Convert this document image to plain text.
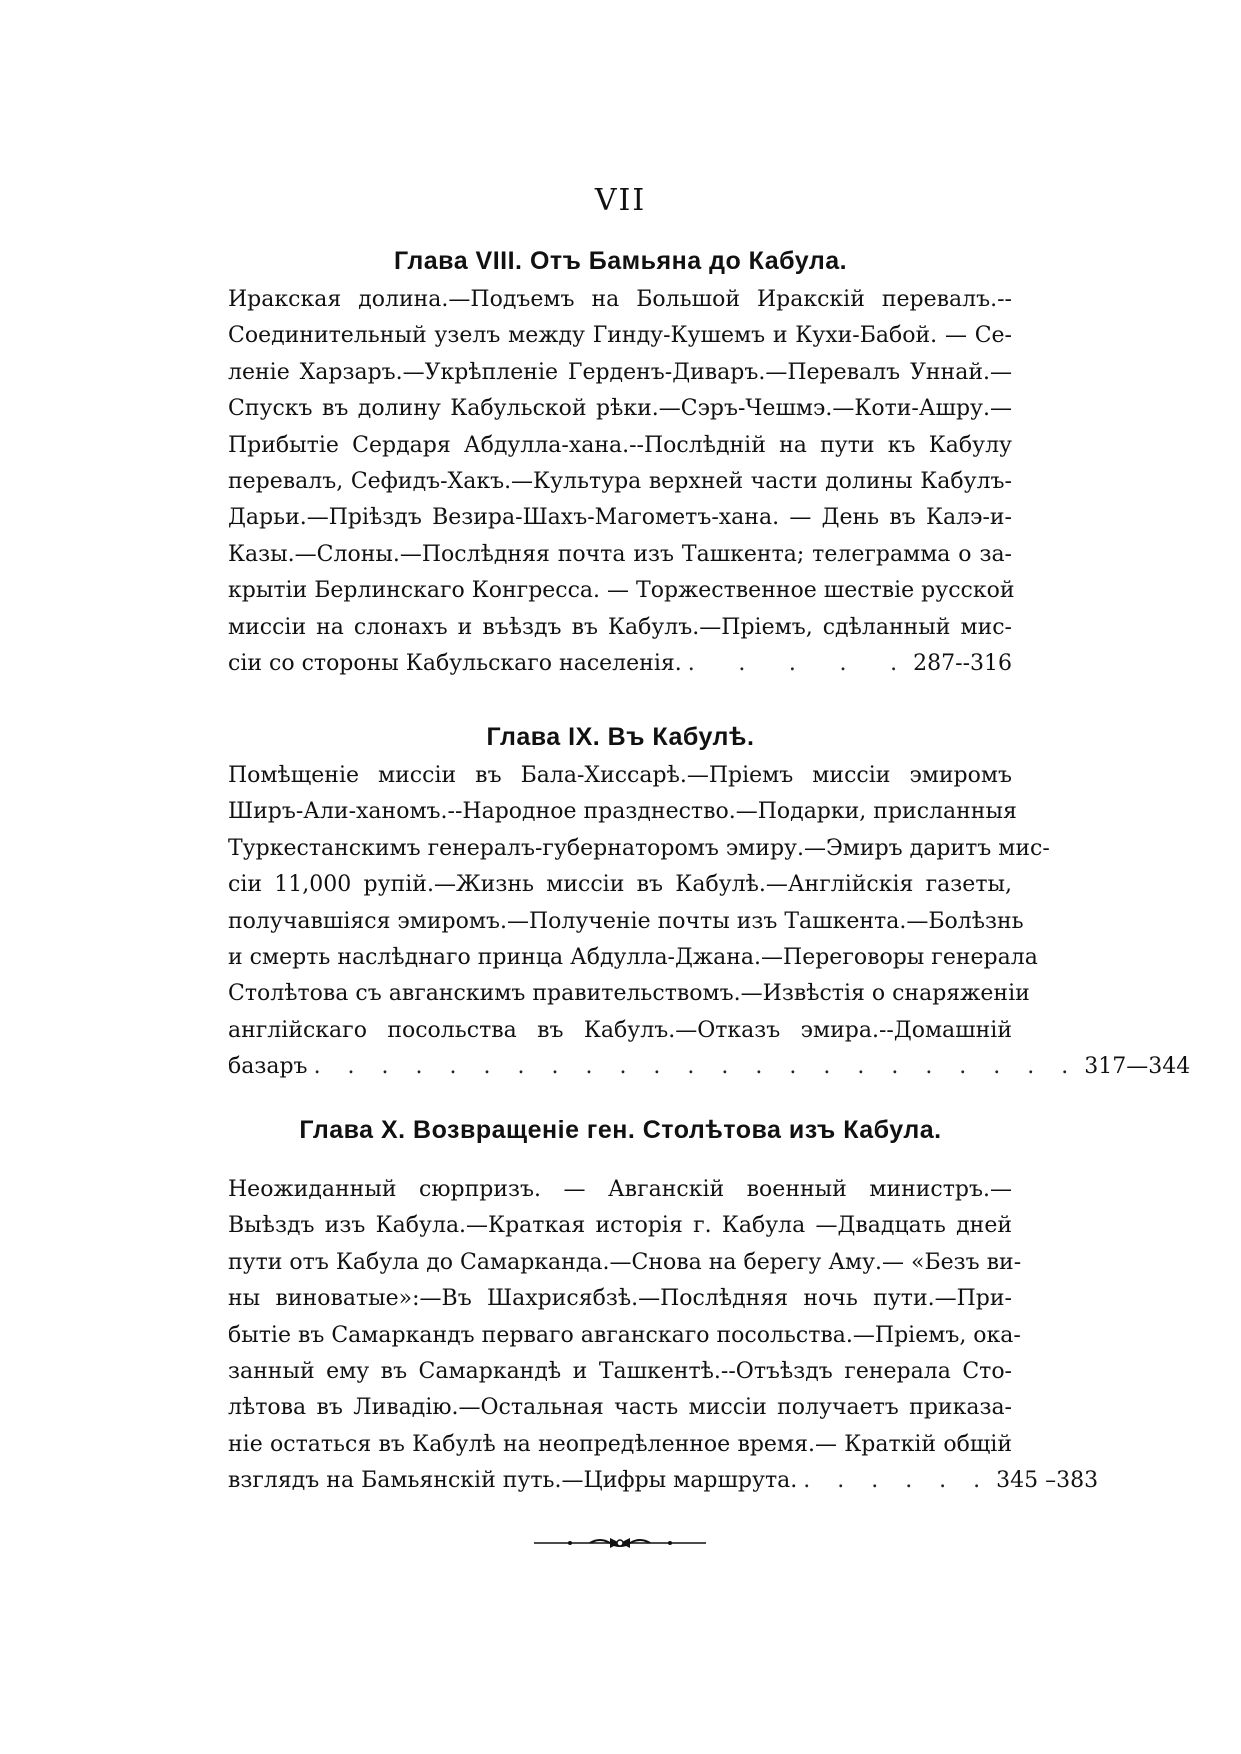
VII
Глава VIII. Отъ Бамьяна до Кабула.
Иракская долина.—Подъемъ на Большой Иракскій перевалъ.--
Соединительный узелъ между Гинду-Кушемъ и Кухи-Бабой. — Се-
леніе Харзаръ.—Укрѣпленіе Герденъ-Диваръ.—Перевалъ Уннай.—
Спускъ въ долину Кабульской рѣки.—Сэръ-Чешмэ.—Коти-Ашру.—
Прибытіе Сердаря Абдулла-хана.--Послѣдній на пути къ Кабулу
перевалъ, Сефидъ-Хакъ.—Культура верхней части долины Кабулъ-
Дарьи.—Пріѣздъ Везира-Шахъ-Магометъ-хана. — День въ Калэ-и-
Казы.—Слоны.—Послѣдняя почта изъ Ташкента; телеграмма о за-
крытіи Берлинскаго Конгресса. — Торжественное шествіе русской
миссіи на слонахъ и въѣздъ въ Кабулъ.—Пріемъ, сдѣланный мис-
сіи со стороны Кабульскаго населенія. . . . . . 287--316
Глава IX. Въ Кабулѣ.
Помѣщеніе миссіи въ Бала-Хиссарѣ.—Пріемъ миссіи эмиромъ
Ширъ-Али-ханомъ.--Народное празднество.—Подарки, присланныя
Туркестанскимъ генералъ-губернаторомъ эмиру.—Эмиръ даритъ мис-
сіи 11,000 рупій.—Жизнь миссіи въ Кабулѣ.—Англійскія газеты,
получавшіяся эмиромъ.—Полученіе почты изъ Ташкента.—Болѣзнь
и смерть наслѣднаго принца Абдулла-Джана.—Переговоры генерала
Столѣтова съ авганскимъ правительствомъ.—Извѣстія о снаряженіи
англійскаго посольства въ Кабулъ.—Отказъ эмира.--Домашній
базаръ . . . . . . . . . . . . . . . . . . . . . . . 317—344
Глава X. Возвращеніе ген. Столѣтова изъ Кабула.
Неожиданный сюрпризъ. — Авганскій военный министръ.—
Выѣздъ изъ Кабула.—Краткая исторія г. Кабула —Двадцать дней
пути отъ Кабула до Самарканда.—Снова на берегу Аму.— «Безъ ви-
ны виноватые»:—Въ Шахрисябзѣ.—Послѣдняя ночь пути.—При-
бытіе въ Самаркандъ перваго авганскаго посольства.—Пріемъ, ока-
занный ему въ Самаркандѣ и Ташкентѣ.--Отъѣздъ генерала Сто-
лѣтова въ Ливадію.—Остальная часть миссіи получаетъ приказа-
ніе остаться въ Кабулѣ на неопредѣленное время.— Краткій общій
взглядъ на Бамьянскій путь.—Цифры маршрута. . . . . . . 345 –383
